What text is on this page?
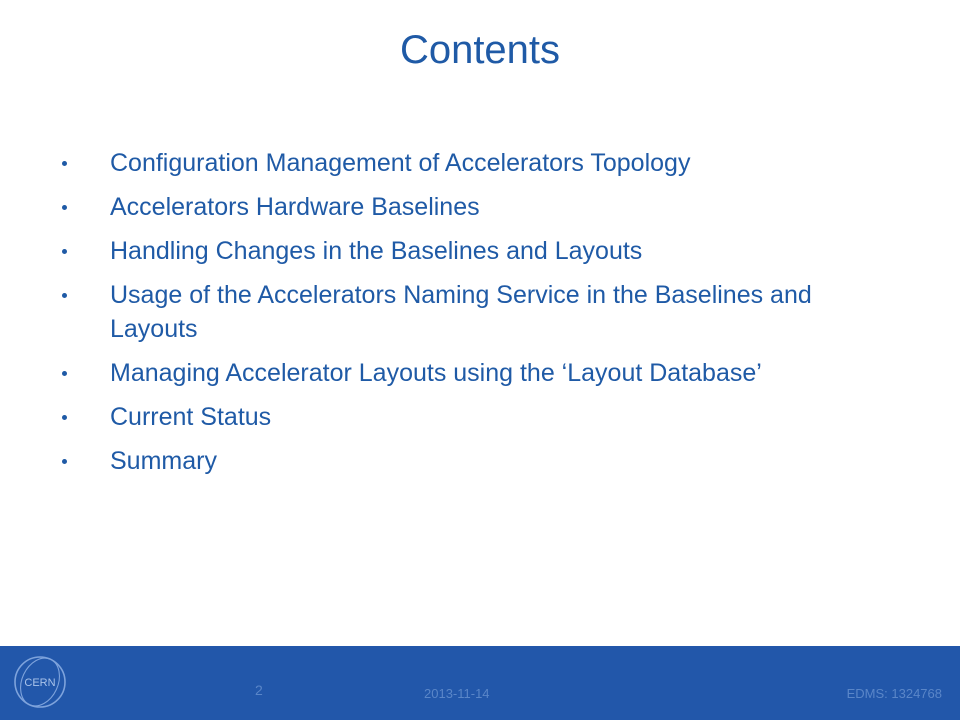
Contents
Configuration Management of Accelerators Topology
Accelerators Hardware Baselines
Handling Changes in the Baselines and Layouts
Usage of the Accelerators Naming Service in the Baselines and Layouts
Managing Accelerator Layouts using the ‘Layout Database’
Current Status
Summary
CERN	2	2013-11-14	EDMS: 1324768
